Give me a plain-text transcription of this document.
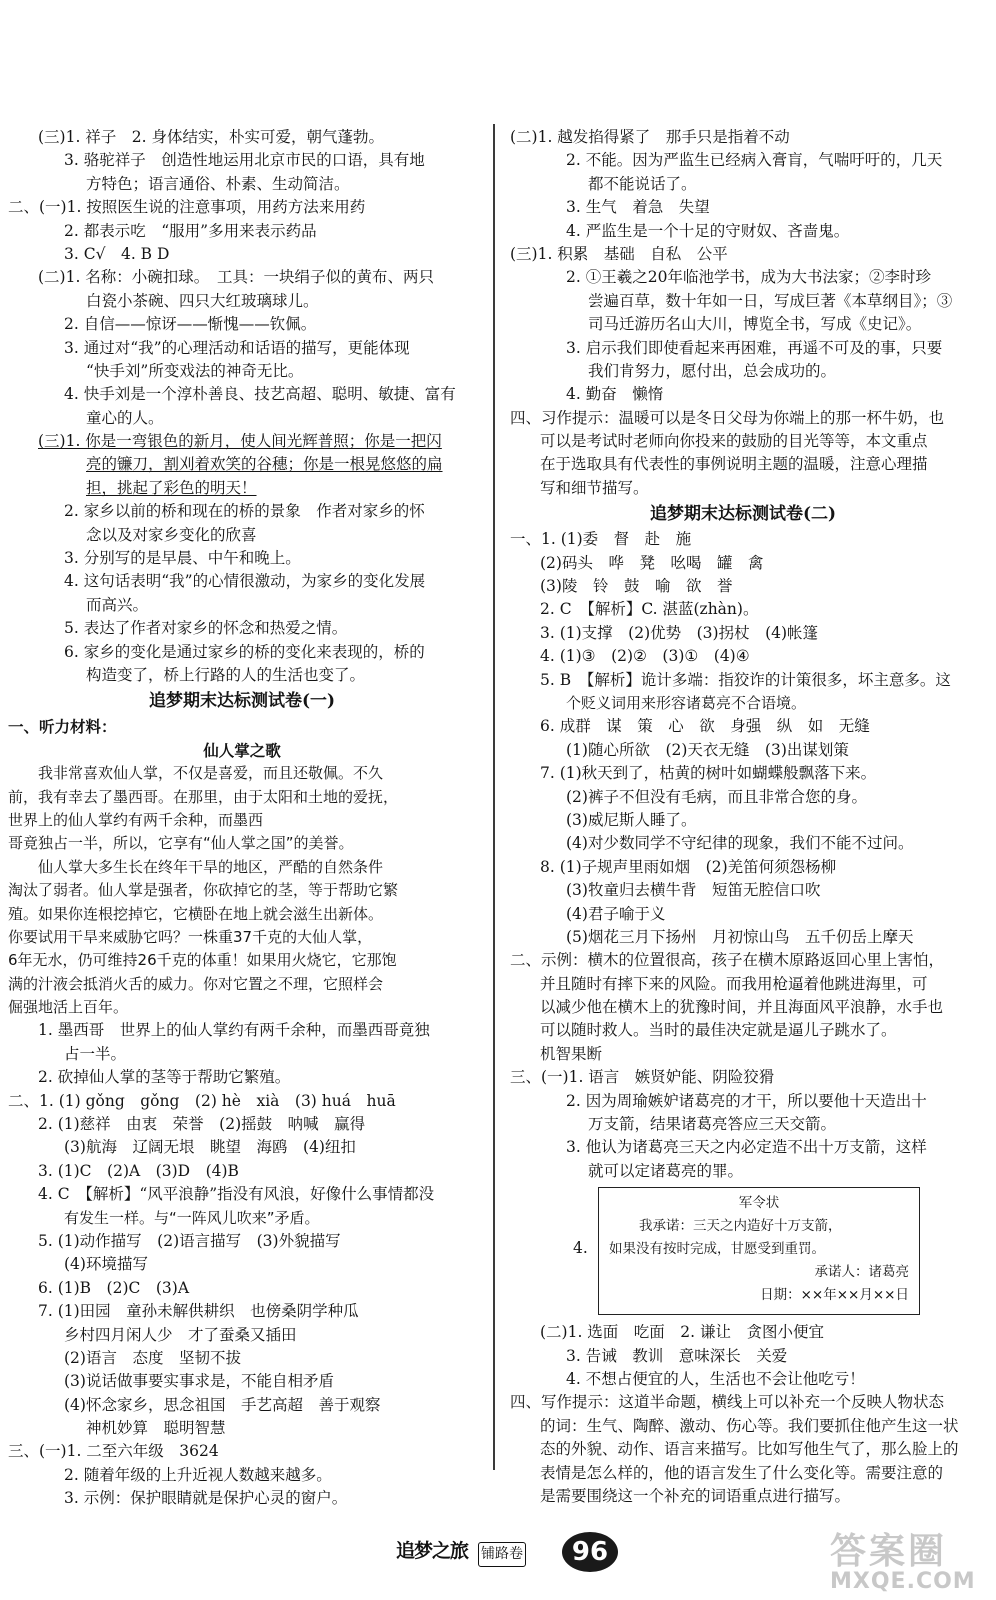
(三)1. 祥子　2. 身体结实，朴实可爱，朝气蓬勃。
3. 骆驼祥子　创造性地运用北京市民的口语，具有地
方特色；语言通俗、朴素、生动简洁。
二、(一)1. 按照医生说的注意事项，用药方法来用药
2. 都表示吃　“服用”多用来表示药品
3. C√　4. B D
(二)1. 名称：小碗扣球。　工具：一块绢子似的黄布、两只
白瓷小茶碗、四只大红玻璃球儿。
2. 自信——惊讶——惭愧——钦佩。
3. 通过对“我”的心理活动和话语的描写，更能体现
“快手刘”所变戏法的神奇无比。
4. 快手刘是一个淳朴善良、技艺高超、聪明、敏捷、富有
童心的人。
(三)1. 你是一弯银色的新月，使人间光辉普照；你是一把闪
亮的镰刀，割刈着欢笑的谷穗；你是一根晃悠悠的扁
担，挑起了彩色的明天！
2. 家乡以前的桥和现在的桥的景象　作者对家乡的怀
念以及对家乡变化的欣喜
3. 分别写的是早晨、中午和晚上。
4. 这句话表明“我”的心情很激动，为家乡的变化发展
而高兴。
5. 表达了作者对家乡的怀念和热爱之情。
6. 家乡的变化是通过家乡的桥的变化来表现的，桥的
构造变了，桥上行路的人的生活也变了。
追梦期末达标测试卷(一)
一、听力材料：
仙人掌之歌
我非常喜欢仙人掌，不仅是喜爱，而且还敬佩。不久
前，我有幸去了墨西哥。在那里，由于太阳和土地的爱抚，
世界上的仙人掌约有两千余种，而墨西
哥竟独占一半，所以，它享有“仙人掌之国”的美誉。
仙人掌大多生长在终年干旱的地区，严酷的自然条件
淘汰了弱者。仙人掌是强者，你砍掉它的茎，等于帮助它繁
殖。如果你连根挖掉它，它横卧在地上就会滋生出新体。
你要试用干旱来威胁它吗？一株重37千克的大仙人掌，
6年无水，仍可维持26千克的体重！如果用火烧它，它那饱
满的汁液会抵消火舌的威力。你对它置之不理，它照样会
倔强地活上百年。
1. 墨西哥　世界上的仙人掌约有两千余种，而墨西哥竟独
占一半。
2. 砍掉仙人掌的茎等于帮助它繁殖。
二、1. (1) gǒng　gǒng　(2) hè　xià　(3) huá　huā
2. (1)慈祥　由衷　荣誉　(2)摇鼓　呐喊　赢得
(3)航海　辽阔无垠　眺望　海鸥　(4)纽扣
3. (1)C　(2)A　(3)D　(4)B
4. C　【解析】“风平浪静”指没有风浪，好像什么事情都没
有发生一样。与“一阵风儿吹来”矛盾。
5. (1)动作描写　(2)语言描写　(3)外貌描写
(4)环境描写
6. (1)B　(2)C　(3)A
7. (1)田园　童孙未解供耕织　也傍桑阴学种瓜
乡村四月闲人少　才了蚕桑又插田
(2)语言　态度　坚韧不拔
(3)说话做事要实事求是，不能自相矛盾
(4)怀念家乡，思念祖国　手艺高超　善于观察
神机妙算　聪明智慧
三、(一)1. 二至六年级　3624
2. 随着年级的上升近视人数越来越多。
3. 示例：保护眼睛就是保护心灵的窗户。
(二)1. 越发掐得紧了　那手只是指着不动
2. 不能。因为严监生已经病入膏肓，气喘吁吁的，几天
都不能说话了。
3. 生气　着急　失望
4. 严监生是一个十足的守财奴、吝啬鬼。
(三)1. 积累　基础　自私　公平
2. ①王羲之20年临池学书，成为大书法家；②李时珍
尝遍百草，数十年如一日，写成巨著《本草纲目》；③
司马迁游历名山大川，博览全书，写成《史记》。
3. 启示我们即使看起来再困难，再遥不可及的事，只要
我们肯努力，愿付出，总会成功的。
4. 勤奋　懒惰
四、习作提示：温暖可以是冬日父母为你端上的那一杯牛奶，也
可以是考试时老师向你投来的鼓励的目光等等，本文重点
在于选取具有代表性的事例说明主题的温暖，注意心理描
写和细节描写。
追梦期末达标测试卷(二)
一、1. (1)委　督　赴　施
(2)码头　哗　凳　吆喝　罐　禽
(3)陵　铃　鼓　喻　欲　誉
2. C　【解析】C. 湛蓝(zhàn)。
3. (1)支撑　(2)优势　(3)拐杖　(4)帐篷
4. (1)③　(2)②　(3)①　(4)④
5. B　【解析】诡计多端：指狡诈的计策很多，坏主意多。这
个贬义词用来形容诸葛亮不合语境。
6. 成群　谋　策　心　欲　身强　纵　如　无缝
(1)随心所欲　(2)天衣无缝　(3)出谋划策
7. (1)秋天到了，枯黄的树叶如蝴蝶般飘落下来。
(2)裤子不但没有毛病，而且非常合您的身。
(3)威尼斯人睡了。
(4)对少数同学不守纪律的现象，我们不能不过问。
8. (1)子规声里雨如烟　(2)羌笛何须怨杨柳
(3)牧童归去横牛背　短笛无腔信口吹
(4)君子喻于义
(5)烟花三月下扬州　月初惊山鸟　五千仞岳上摩天
二、示例：横木的位置很高，孩子在横木原路返回心里上害怕，
并且随时有摔下来的风险。而我用枪逼着他跳进海里，可
以减少他在横木上的犹豫时间，并且海面风平浪静，水手也
可以随时救人。当时的最佳决定就是逼儿子跳水了。
机智果断
三、(一)1. 语言　嫉贤妒能、阴险狡猾
2. 因为周瑜嫉妒诸葛亮的才干，所以要他十天造出十
万支箭，结果诸葛亮答应三天交箭。
3. 他认为诸葛亮三天之内必定造不出十万支箭，这样
就可以定诸葛亮的罪。
4.
军令状
我承诺：三天之内造好十万支箭，
如果没有按时完成，甘愿受到重罚。
承诺人：诸葛亮
日期：××年××月××日
(二)1. 选面　吃面　2. 谦让　贪图小便宜
3. 告诫　教训　意味深长　关爱
4. 不想占便宜的人，生活也不会让他吃亏！
四、写作提示：这道半命题，横线上可以补充一个反映人物状态
的词：生气、陶醉、激动、伤心等。我们要抓住他产生这一状
态的外貌、动作、语言来描写。比如写他生气了，那么脸上的
表情是怎么样的，他的语言发生了什么变化等。需要注意的
是需要围绕这一个补充的词语重点进行描写。
追梦之旅 铺路卷	96	答案圈
MXQE.COM
